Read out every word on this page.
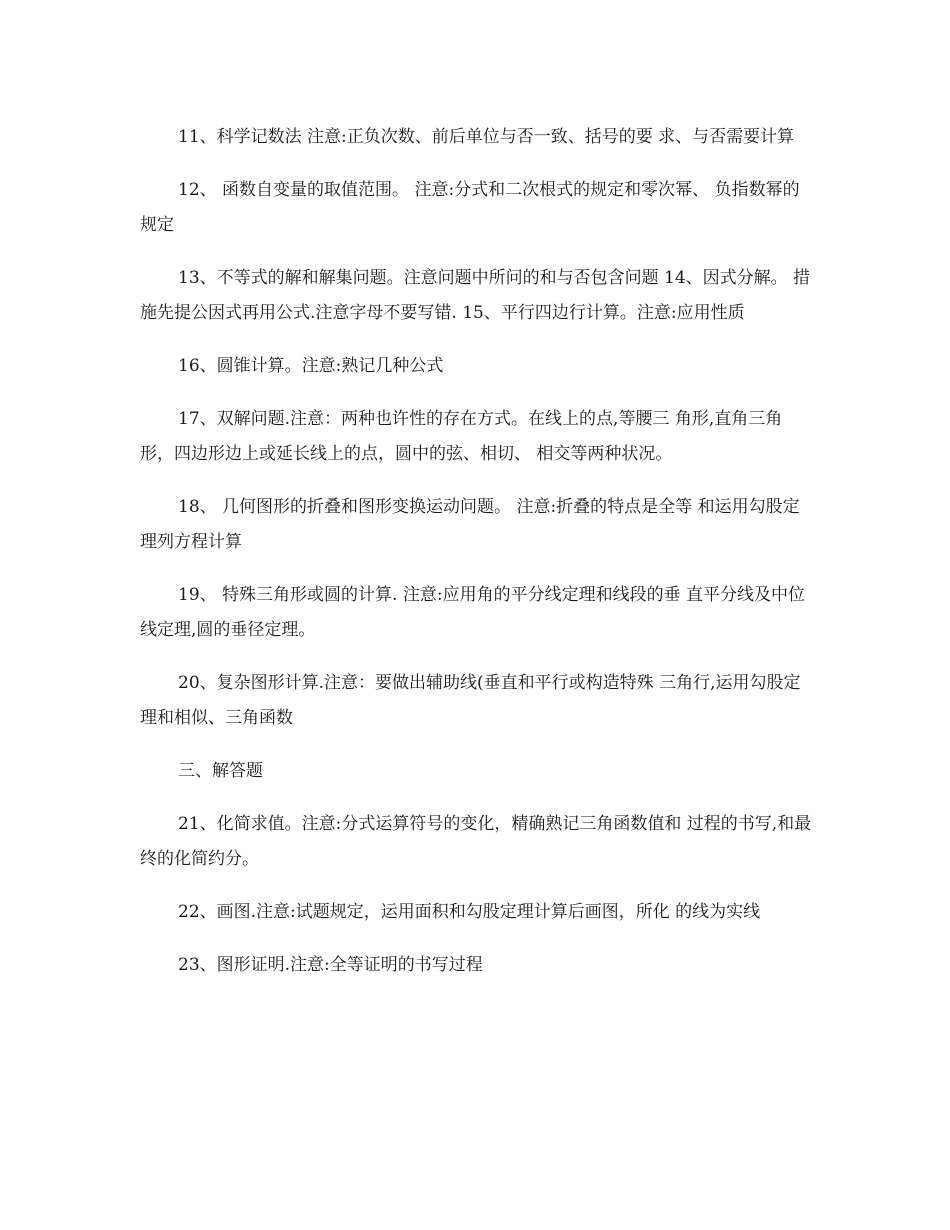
11、科学记数法 注意:正负次数、前后单位与否一致、括号的要 求、与否需要计算

12、 函数自变量的取值范围。 注意:分式和二次根式的规定和零次幂、 负指数幂的规定

13、不等式的解和解集问题。注意问题中所问的和与否包含问题 14、因式分解。 措施先提公因式再用公式.注意字母不要写错. 15、平行四边行计算。注意:应用性质

16、圆锥计算。注意:熟记几种公式

17、双解问题.注意：两种也许性的存在方式。在线上的点,等腰三 角形,直角三角形，四边形边上或延长线上的点，圆中的弦、相切、 相交等两种状况。

18、 几何图形的折叠和图形变换运动问题。 注意:折叠的特点是全等 和运用勾股定理列方程计算

19、 特殊三角形或圆的计算. 注意:应用角的平分线定理和线段的垂 直平分线及中位线定理,圆的垂径定理。

20、复杂图形计算.注意：要做出辅助线(垂直和平行或构造特殊 三角行,运用勾股定理和相似、三角函数

三、解答题

21、化简求值。注意:分式运算符号的变化，精确熟记三角函数值和 过程的书写,和最终的化简约分。

22、画图.注意:试题规定，运用面积和勾股定理计算后画图，所化 的线为实线

23、图形证明.注意:全等证明的书写过程
